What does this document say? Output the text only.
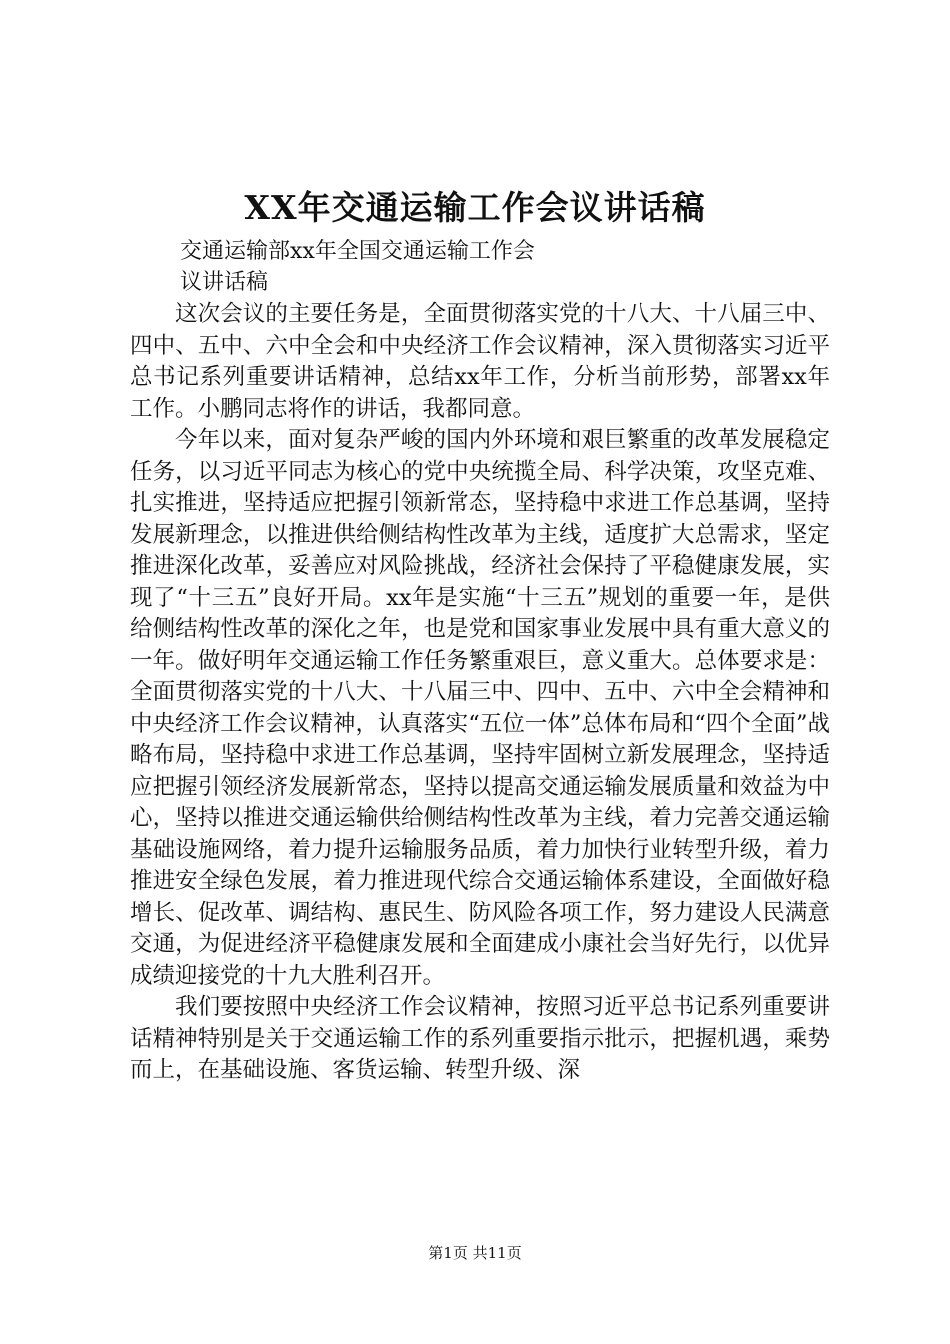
XX年交通运输工作会议讲话稿
交通运输部xx年全国交通运输工作会
议讲话稿

这次会议的主要任务是，全面贯彻落实党的十八大、十八届三中、四中、五中、六中全会和中央经济工作会议精神，深入贯彻落实习近平总书记系列重要讲话精神，总结xx年工作，分析当前形势，部署xx年工作。小鹏同志将作的讲话，我都同意。

今年以来，面对复杂严峻的国内外环境和艰巨繁重的改革发展稳定任务，以习近平同志为核心的党中央统揽全局、科学决策，攻坚克难、扎实推进，坚持适应把握引领新常态，坚持稳中求进工作总基调，坚持发展新理念，以推进供给侧结构性改革为主线，适度扩大总需求，坚定推进深化改革，妥善应对风险挑战，经济社会保持了平稳健康发展，实现了“十三五”良好开局。xx年是实施“十三五”规划的重要一年，是供给侧结构性改革的深化之年，也是党和国家事业发展中具有重大意义的一年。做好明年交通运输工作任务繁重艰巨，意义重大。总体要求是：全面贯彻落实党的十八大、十八届三中、四中、五中、六中全会精神和中央经济工作会议精神，认真落实“五位一体”总体布局和“四个全面”战略布局，坚持稳中求进工作总基调，坚持牢固树立新发展理念，坚持适应把握引领经济发展新常态，坚持以提高交通运输发展质量和效益为中心，坚持以推进交通运输供给侧结构性改革为主线，着力完善交通运输基础设施网络，着力提升运输服务品质，着力加快行业转型升级，着力推进安全绿色发展，着力推进现代综合交通运输体系建设，全面做好稳增长、促改革、调结构、惠民生、防风险各项工作，努力建设人民满意交通，为促进经济平稳健康发展和全面建成小康社会当好先行，以优异成绩迎接党的十九大胜利召开。

我们要按照中央经济工作会议精神，按照习近平总书记系列重要讲话精神特别是关于交通运输工作的系列重要指示批示，把握机遇，乘势而上，在基础设施、客货运输、转型升级、深

第1页 共11页
